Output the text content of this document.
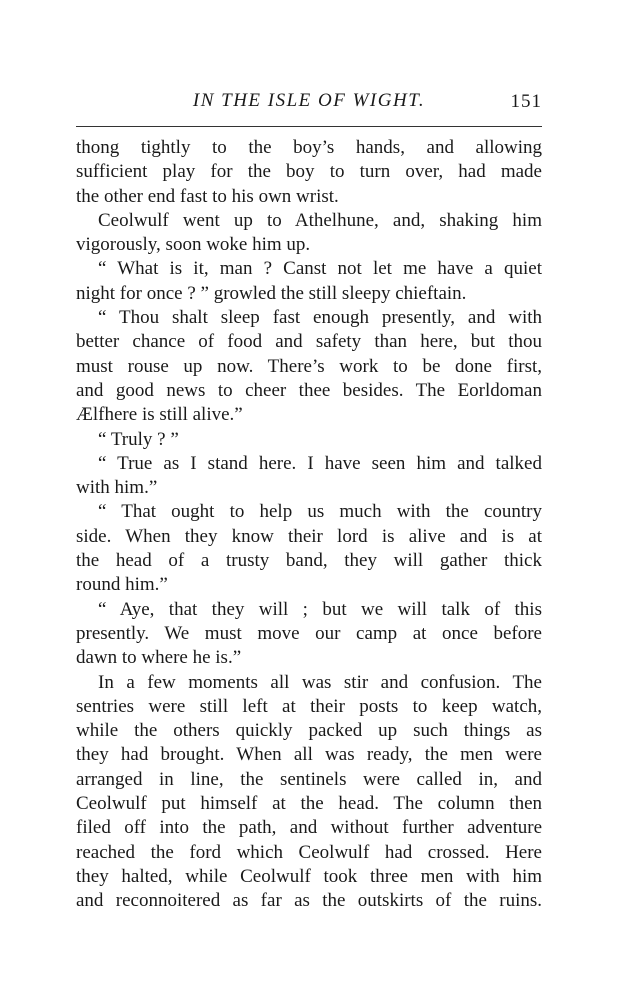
IN THE ISLE OF WIGHT.	151
thong tightly to the boy’s hands, and allowing
sufficient play for the boy to turn over, had made
the other end fast to his own wrist.
Ceolwulf went up to Athelhune, and, shaking him
vigorously, soon woke him up.
“ What is it, man ? Canst not let me have a quiet
night for once ? ” growled the still sleepy chieftain.
“ Thou shalt sleep fast enough presently, and with
better chance of food and safety than here, but thou
must rouse up now. There’s work to be done first,
and good news to cheer thee besides. The Eorldoman
Ælfhere is still alive.”
“ Truly ? ”
“ True as I stand here. I have seen him and talked
with him.”
“ That ought to help us much with the country
side. When they know their lord is alive and is at
the head of a trusty band, they will gather thick
round him.”
“ Aye, that they will ; but we will talk of this
presently. We must move our camp at once before
dawn to where he is.”
In a few moments all was stir and confusion. The
sentries were still left at their posts to keep watch,
while the others quickly packed up such things as
they had brought. When all was ready, the men were
arranged in line, the sentinels were called in, and
Ceolwulf put himself at the head. The column then
filed off into the path, and without further adventure
reached the ford which Ceolwulf had crossed. Here
they halted, while Ceolwulf took three men with him
and reconnoitered as far as the outskirts of the ruins.
